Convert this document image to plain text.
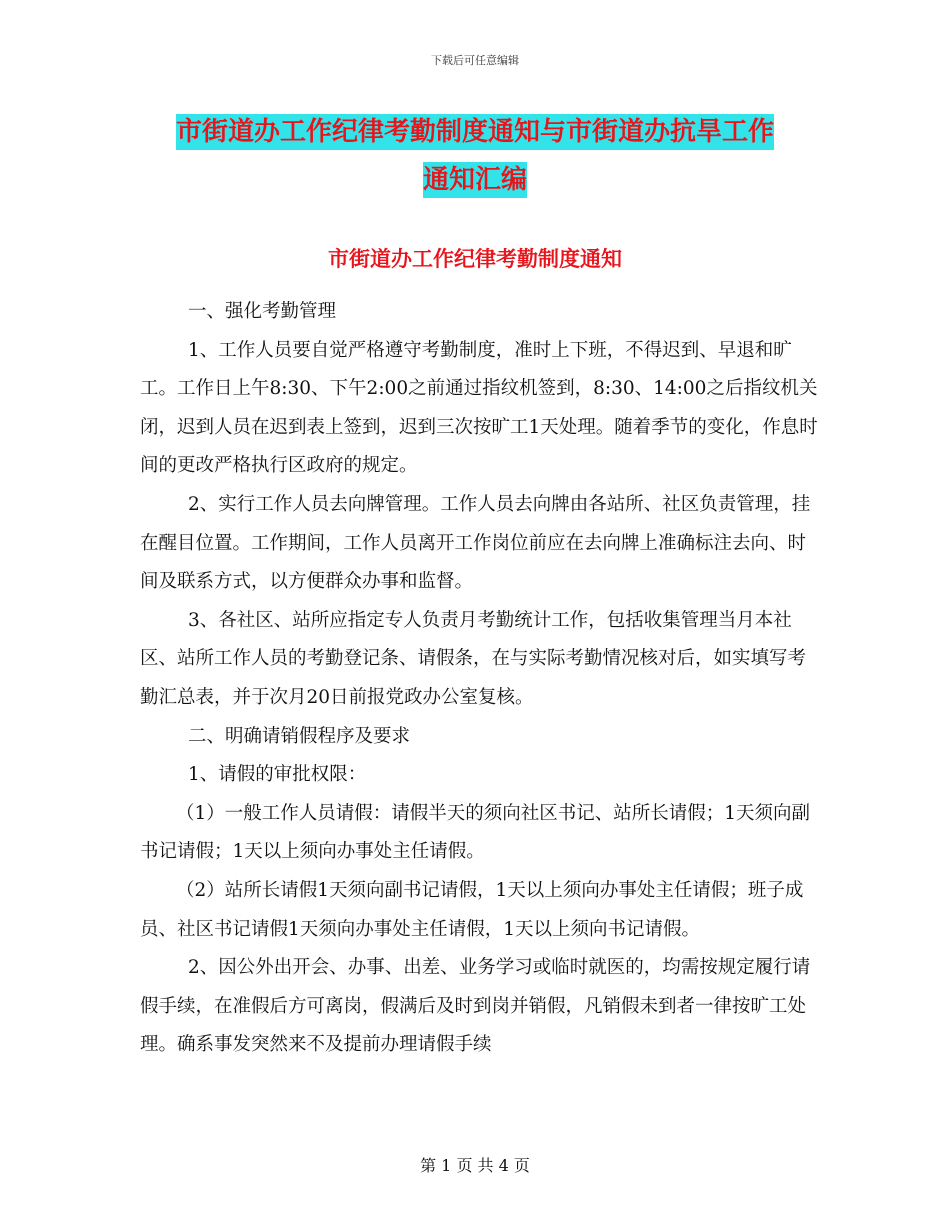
下载后可任意编辑
市街道办工作纪律考勤制度通知与市街道办抗旱工作
通知汇编
市街道办工作纪律考勤制度通知

一、强化考勤管理

1、工作人员要自觉严格遵守考勤制度，准时上下班，不得迟到、早退和旷工。工作日上午8:30、下午2:00之前通过指纹机签到，8:30、14:00之后指纹机关闭，迟到人员在迟到表上签到，迟到三次按旷工1天处理。随着季节的变化，作息时间的更改严格执行区政府的规定。

2、实行工作人员去向牌管理。工作人员去向牌由各站所、社区负责管理，挂在醒目位置。工作期间，工作人员离开工作岗位前应在去向牌上准确标注去向、时间及联系方式，以方便群众办事和监督。

3、各社区、站所应指定专人负责月考勤统计工作，包括收集管理当月本社区、站所工作人员的考勤登记条、请假条，在与实际考勤情况核对后，如实填写考勤汇总表，并于次月20日前报党政办公室复核。

二、明确请销假程序及要求

1、请假的审批权限：

（1）一般工作人员请假：请假半天的须向社区书记、站所长请假；1天须向副书记请假；1天以上须向办事处主任请假。

（2）站所长请假1天须向副书记请假，1天以上须向办事处主任请假；班子成员、社区书记请假1天须向办事处主任请假，1天以上须向书记请假。

2、因公外出开会、办事、出差、业务学习或临时就医的，均需按规定履行请假手续，在准假后方可离岗，假满后及时到岗并销假，凡销假未到者一律按旷工处理。确系事发突然来不及提前办理请假手续

第 1 页 共 4 页
